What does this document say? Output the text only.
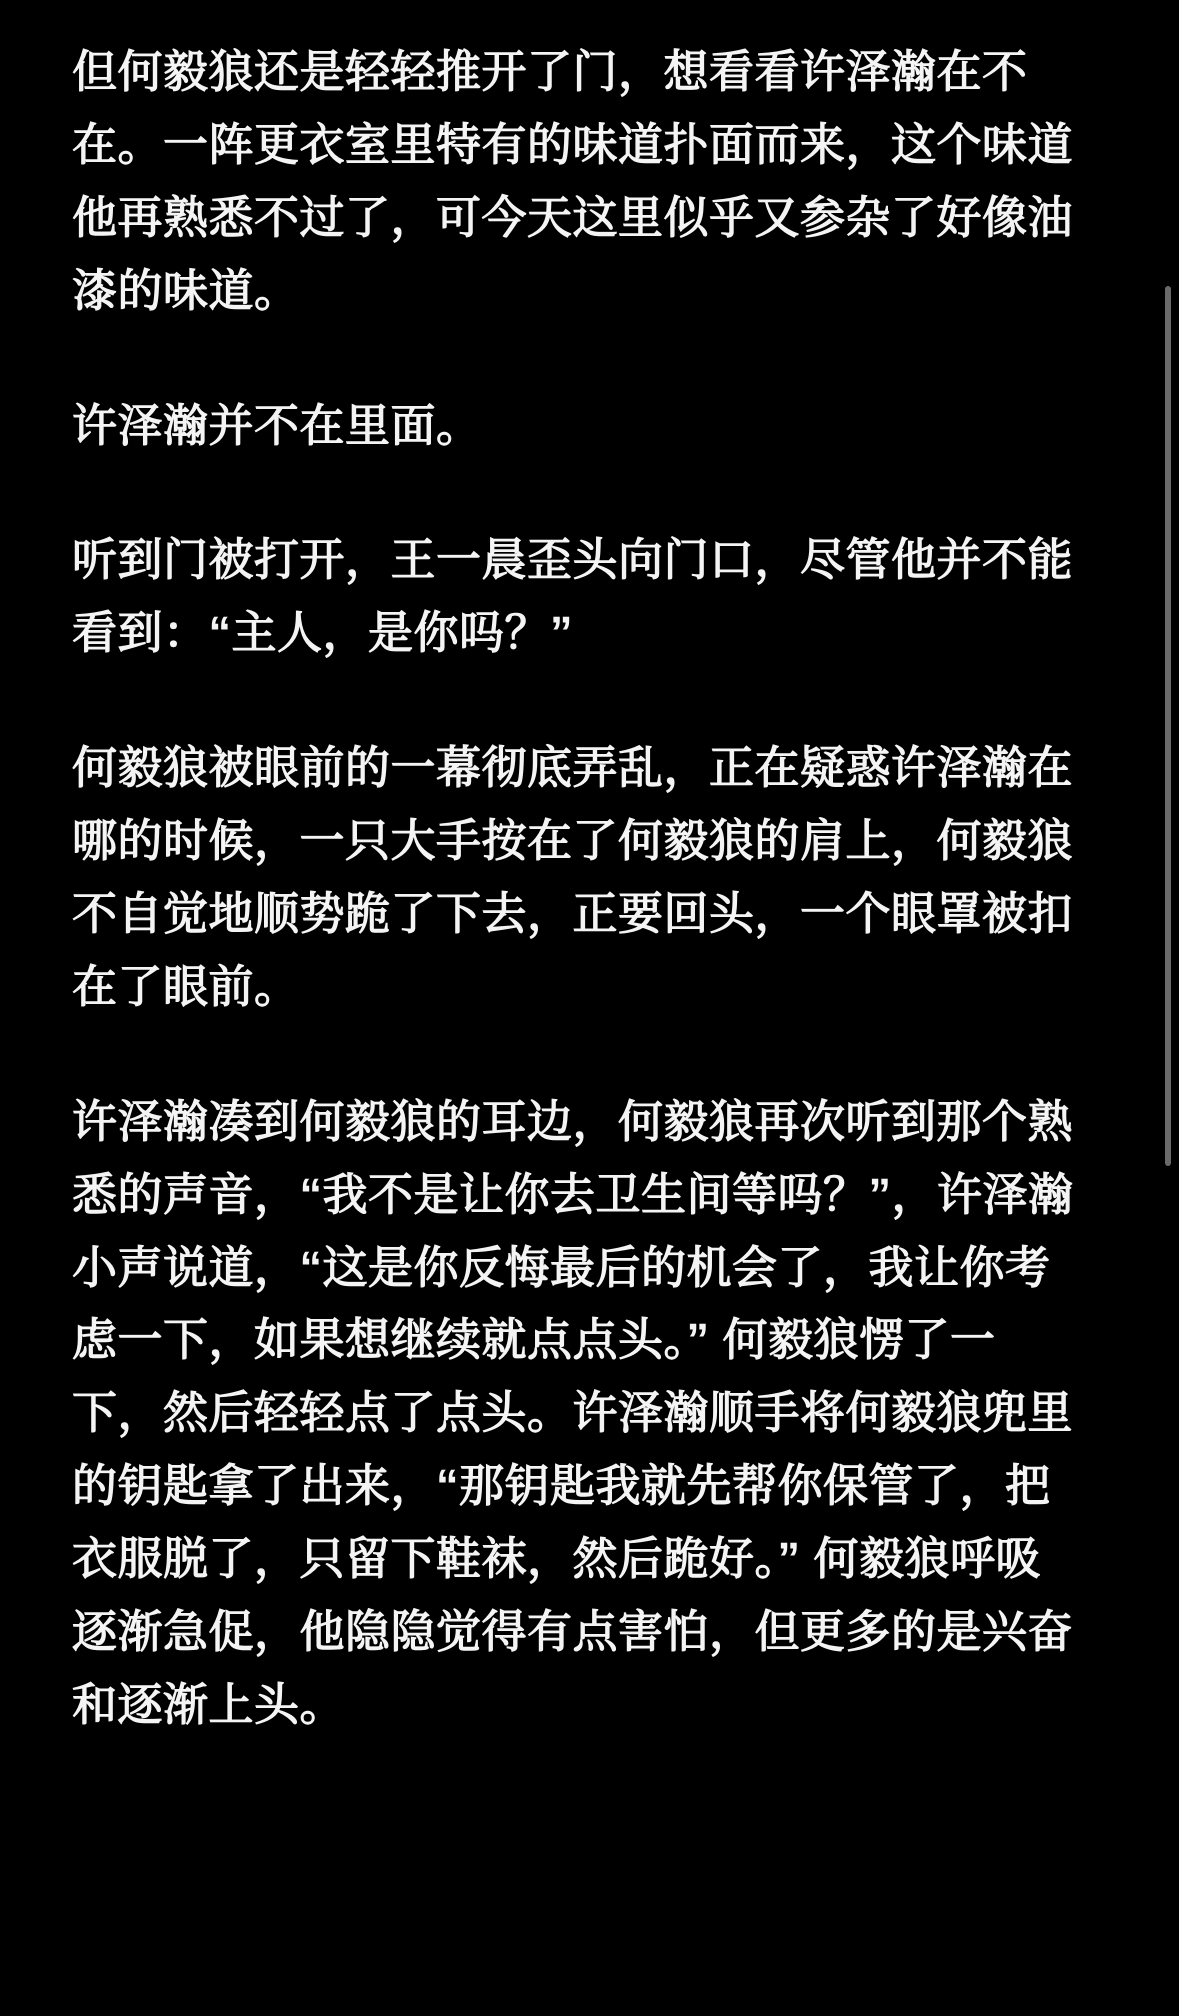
但何毅狼还是轻轻推开了门，想看看许泽瀚在不在。一阵更衣室里特有的味道扑面而来，这个味道他再熟悉不过了，可今天这里似乎又参杂了好像油漆的味道。

许泽瀚并不在里面。

听到门被打开，王一晨歪头向门口，尽管他并不能看到：“主人，是你吗？”

何毅狼被眼前的一幕彻底弄乱，正在疑惑许泽瀚在哪的时候，一只大手按在了何毅狼的肩上，何毅狼不自觉地顺势跪了下去，正要回头，一个眼罩被扣在了眼前。

许泽瀚凑到何毅狼的耳边，何毅狼再次听到那个熟悉的声音，“我不是让你去卫生间等吗？”，许泽瀚小声说道，“这是你反悔最后的机会了，我让你考虑一下，如果想继续就点点头。” 何毅狼愣了一下，然后轻轻点了点头。许泽瀚顺手将何毅狼兜里的钥匙拿了出来，“那钥匙我就先帮你保管了，把衣服脱了，只留下鞋袜，然后跪好。” 何毅狼呼吸逐渐急促，他隐隐觉得有点害怕，但更多的是兴奋和逐渐上头。
